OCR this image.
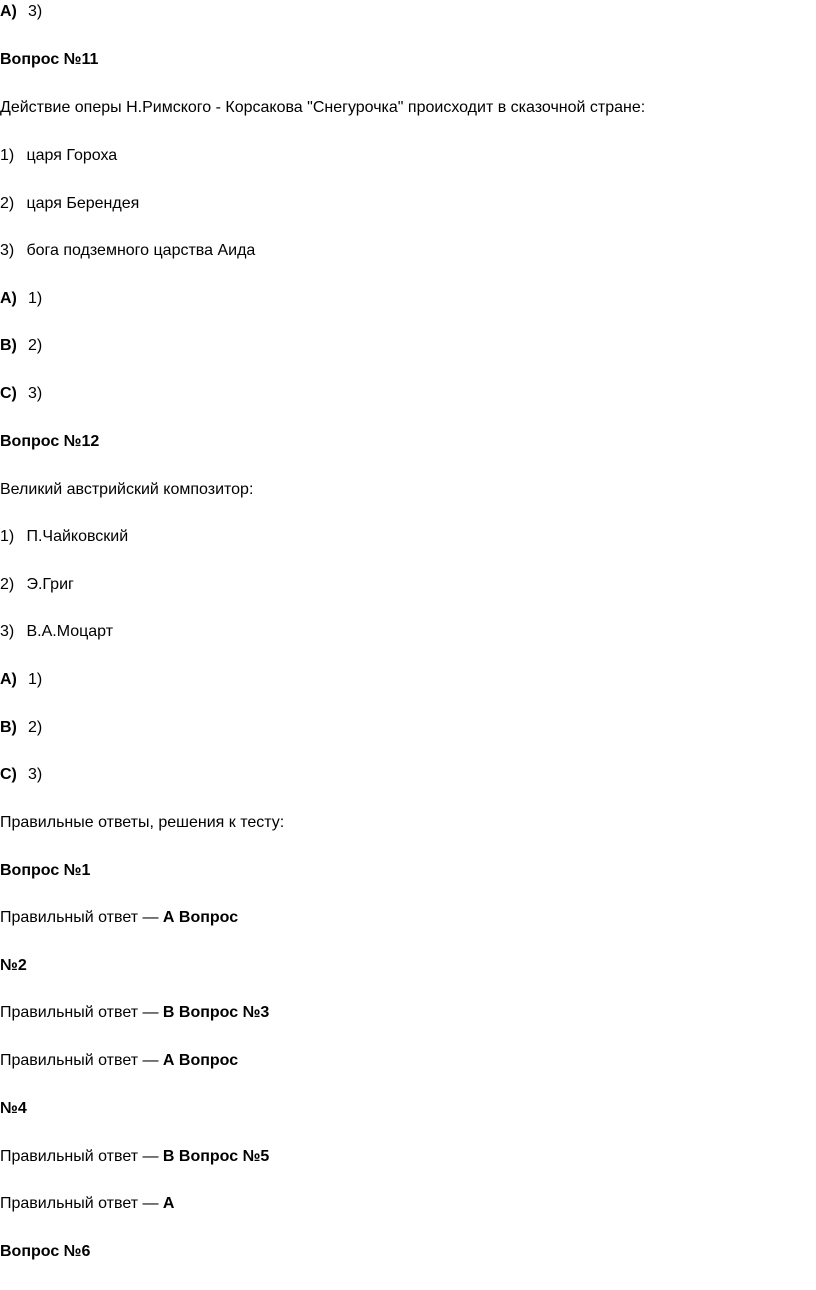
A) 3)
Вопрос №11
Действие оперы Н.Римского - Корсакова "Снегурочка" происходит в сказочной стране:
1) царя Гороха
2) царя Берендея
3) бога подземного царства Аида
A) 1)
B) 2)
C) 3)
Вопрос №12
Великий австрийский композитор:
1) П.Чайковский
2) Э.Григ
3) В.А.Моцарт
A) 1)
B) 2)
C) 3)
Правильные ответы, решения к тесту:
Вопрос №1
Правильный ответ — А Вопрос
№2
Правильный ответ — В Вопрос №3
Правильный ответ — А Вопрос
№4
Правильный ответ — В Вопрос №5
Правильный ответ — А
Вопрос №6
